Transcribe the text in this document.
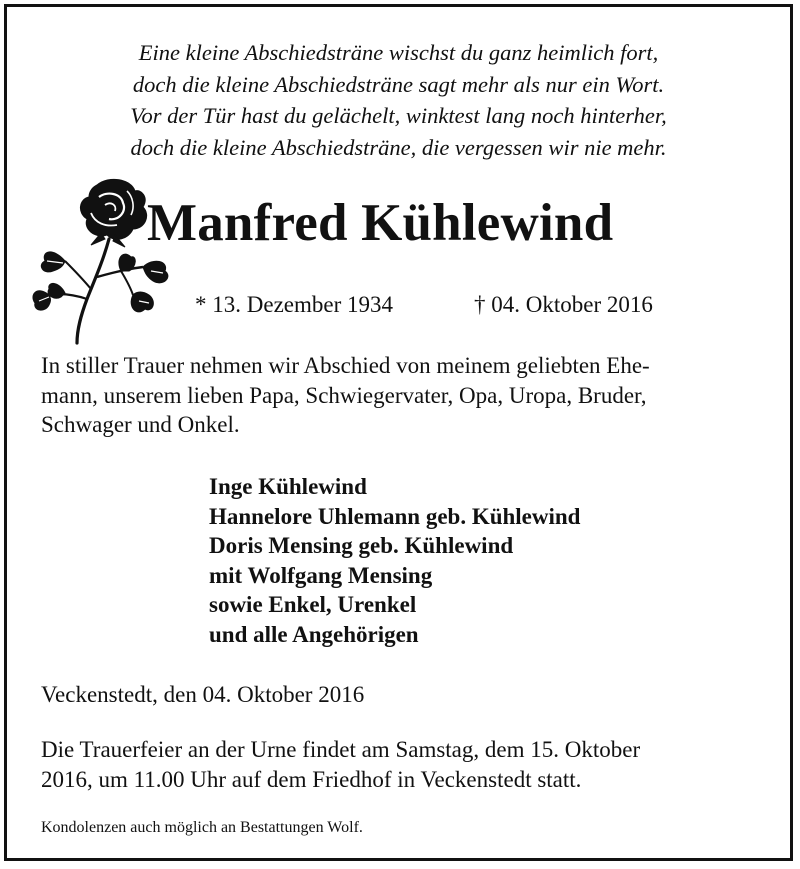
Eine kleine Abschiedsträne wischst du ganz heimlich fort,
doch die kleine Abschiedsträne sagt mehr als nur ein Wort.
Vor der Tür hast du gelächelt, winktest lang noch hinterher,
doch die kleine Abschiedsträne, die vergessen wir nie mehr.
Manfred Kühlewind
* 13. Dezember 1934	† 04. Oktober 2016
In stiller Trauer nehmen wir Abschied von meinem geliebten Ehe-
mann, unserem lieben Papa, Schwiegervater, Opa, Uropa, Bruder,
Schwager und Onkel.
Inge Kühlewind
Hannelore Uhlemann geb. Kühlewind
Doris Mensing geb. Kühlewind
mit Wolfgang Mensing
sowie Enkel, Urenkel
und alle Angehörigen
Veckenstedt, den 04. Oktober 2016
Die Trauerfeier an der Urne findet am Samstag, dem 15. Oktober
2016, um 11.00 Uhr auf dem Friedhof in Veckenstedt statt.
Kondolenzen auch möglich an Bestattungen Wolf.
